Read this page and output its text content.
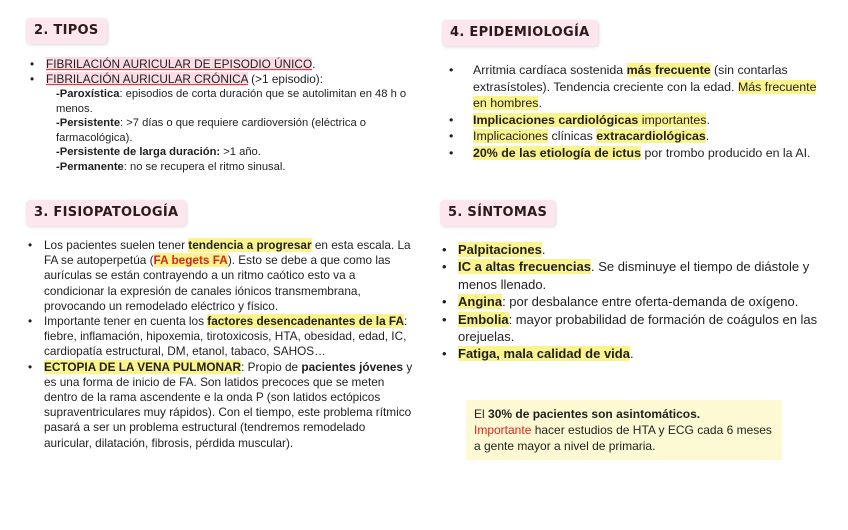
2. TIPOS
• FIBRILACIÓN AURICULAR DE EPISODIO ÚNICO.
• FIBRILACIÓN AURICULAR CRÓNICA (>1 episodio):
-Paroxística: episodios de corta duración que se autolimitan en 48 h o menos.
-Persistente: >7 días o que requiere cardioversión (eléctrica o farmacológica).
-Persistente de larga duración: >1 año.
-Permanente: no se recupera el ritmo sinusal.
3. FISIOPATOLOGÍA
• Los pacientes suelen tener tendencia a progresar en esta escala. La FA se autoperpetúa (FA begets FA). Esto se debe a que como las aurículas se están contrayendo a un ritmo caótico esto va a condicionar la expresión de canales iónicos transmembrana, provocando un remodelado eléctrico y físico.
• Importante tener en cuenta los factores desencadenantes de la FA: fiebre, inflamación, hipoxemia, tirotoxicosis, HTA, obesidad, edad, IC, cardiopatía estructural, DM, etanol, tabaco, SAHOS…
• ECTOPIA DE LA VENA PULMONAR: Propio de pacientes jóvenes y es una forma de inicio de FA. Son latidos precoces que se meten dentro de la rama ascendente e la onda P (son latidos ectópicos supraventriculares muy rápidos). Con el tiempo, este problema rítmico pasará a ser un problema estructural (tendremos remodelado auricular, dilatación, fibrosis, pérdida muscular).
4. EPIDEMIOLOGÍA
• Arritmia cardíaca sostenida más frecuente (sin contarlas extrasístoles). Tendencia creciente con la edad. Más frecuente en hombres.
• Implicaciones cardiológicas importantes.
• Implicaciones clínicas extracardiológicas.
• 20% de las etiología de ictus por trombo producido en la AI.
5. SÍNTOMAS
• Palpitaciones.
• IC a altas frecuencias. Se disminuye el tiempo de diástole y menos llenado.
• Angina: por desbalance entre oferta-demanda de oxígeno.
• Embolia: mayor probabilidad de formación de coágulos en las orejuelas.
• Fatiga, mala calidad de vida.
El 30% de pacientes son asintomáticos.
Importante hacer estudios de HTA y ECG cada 6 meses a gente mayor a nivel de primaria.
